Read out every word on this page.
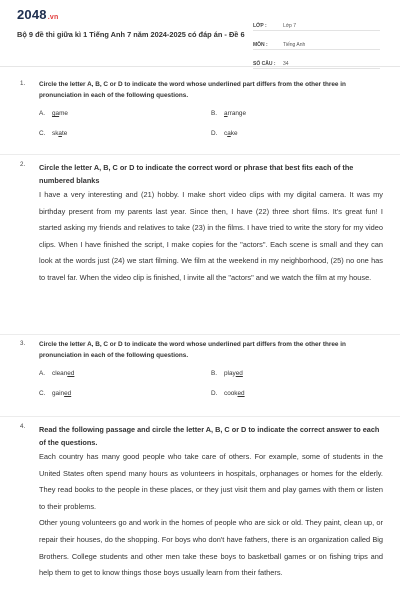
2048.vn
Bộ 9 đề thi giữa kì 1 Tiếng Anh 7 năm 2024-2025 có đáp án - Đề 6
LỚP :	Lớp 7
MÔN :	Tiếng Anh
SỐ CÂU :	34
1. Circle the letter A, B, C or D to indicate the word whose underlined part differs from the other three in pronunciation in each of the following questions.
A.	ga me	B.	a rrange
C.	sk a te	D.	c a ke
2. Circle the letter A, B, C or D to indicate the correct word or phrase that best fits each of the numbered blanks
I have a very interesting and (21) hobby. I make short video clips with my digital camera. It was my birthday present from my parents last year. Since then, I have (22) three short films. It's great fun! I started asking my friends and relatives to take (23) in the films. I have tried to write the story for my video clips. When I have finished the script, I make copies for the "actors". Each scene is small and they can look at the words just (24) we start filming. We film at the weekend in my neighborhood, (25) no one has to travel far. When the video clip is finished, I invite all the "actors" and we watch the film at my house.
3. Circle the letter A, B, C or D to indicate the word whose underlined part differs from the other three in pronunciation in each of the following questions.
A.	clean ed	B.	play ed
C.	gain ed	D.	cook ed
4. Read the following passage and circle the letter A, B, C or D to indicate the correct answer to each of the questions.
Each country has many good people who take care of others. For example, some of students in the United States often spend many hours as volunteers in hospitals, orphanages or homes for the elderly. They read books to the people in these places, or they just visit them and play games with them or listen to their problems.
Other young volunteers go and work in the homes of people who are sick or old. They paint, clean up, or repair their houses, do the shopping. For boys who don't have fathers, there is an organization called Big Brothers. College students and other men take these boys to basketball games or on fishing trips and help them to get to know things those boys usually learn from their fathers.
